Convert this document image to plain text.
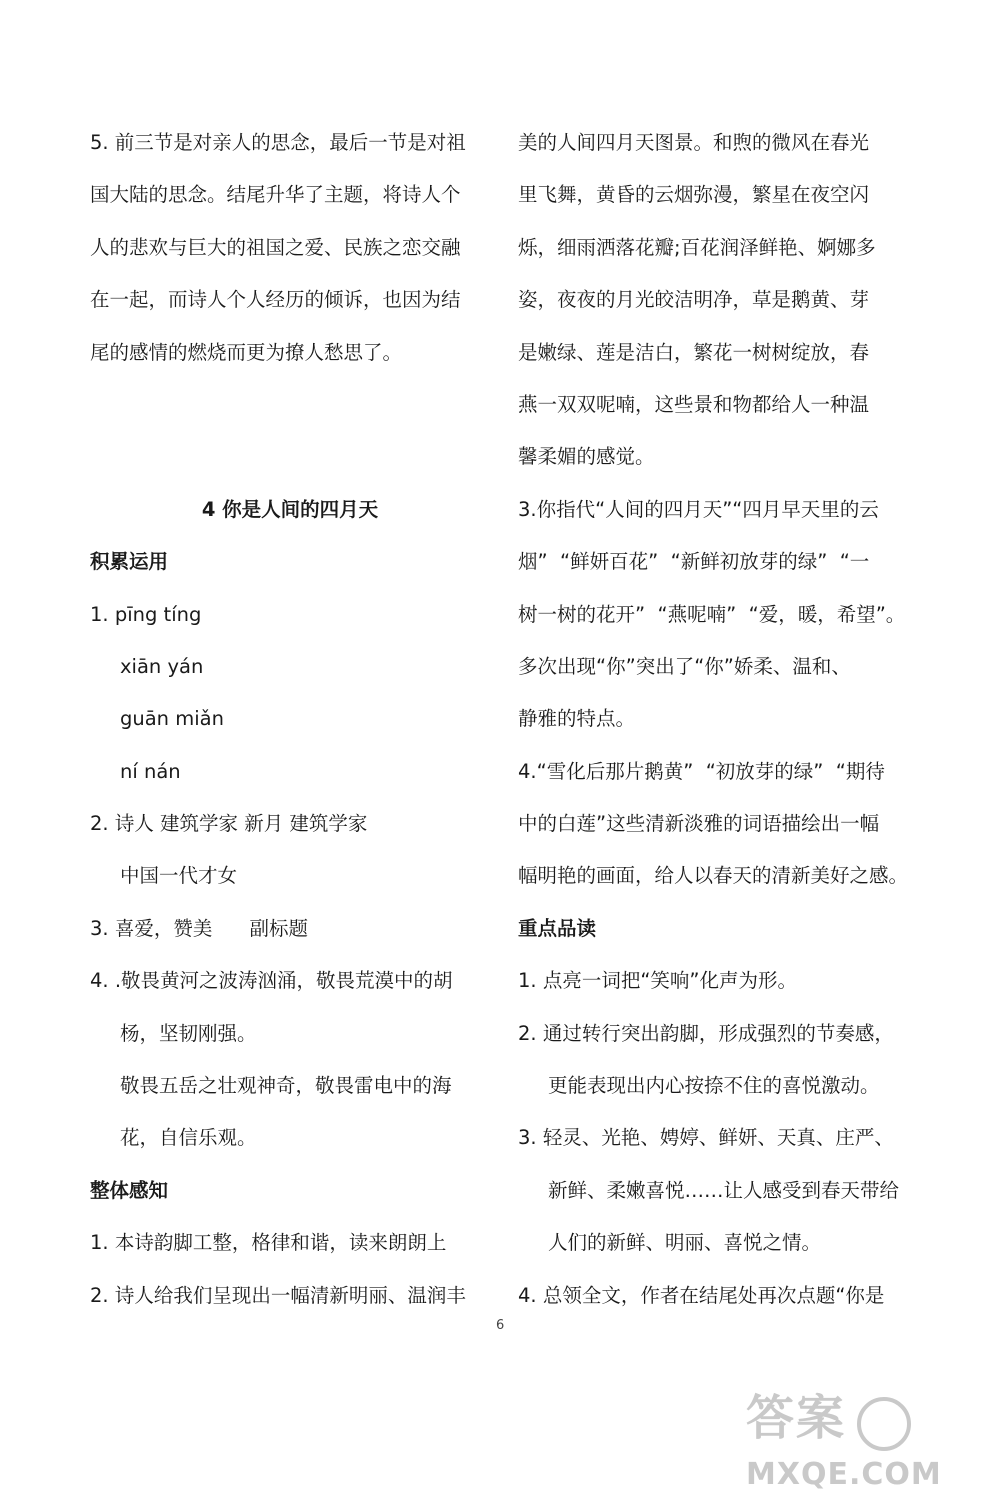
5. 前三节是对亲人的思念，最后一节是对祖
国大陆的思念。结尾升华了主题，将诗人个
人的悲欢与巨大的祖国之爱、民族之恋交融
在一起，而诗人个人经历的倾诉，也因为结
尾的感情的燃烧而更为撩人愁思了。
4 你是人间的四月天
积累运用
1. pīng tíng
xiān yán
guān miǎn
ní nán
2. 诗人 建筑学家 新月 建筑学家
中国一代才女
3. 喜爱，赞美      副标题
4. .敬畏黄河之波涛汹涌，敬畏荒漠中的胡
杨，坚韧刚强。
敬畏五岳之壮观神奇，敬畏雷电中的海
花，自信乐观。
整体感知
1. 本诗韵脚工整，格律和谐，读来朗朗上
2. 诗人给我们呈现出一幅清新明丽、温润丰
美的人间四月天图景。和煦的微风在春光
里飞舞，黄昏的云烟弥漫，繁星在夜空闪
烁，细雨洒落花瓣;百花润泽鲜艳、婀娜多
姿，夜夜的月光皎洁明净，草是鹅黄、芽
是嫩绿、莲是洁白，繁花一树树绽放，春
燕一双双呢喃，这些景和物都给人一种温
馨柔媚的感觉。
3.你指代“人间的四月天”“四月早天里的云
烟”  “鲜妍百花”  “新鲜初放芽的绿”  “一
树一树的花开”  “燕呢喃”  “爱，暖，希望”。
多次出现“你”突出了“你”娇柔、温和、
静雅的特点。
4.“雪化后那片鹅黄”  “初放芽的绿”  “期待
中的白莲”这些清新淡雅的词语描绘出一幅
幅明艳的画面，给人以春天的清新美好之感。
重点品读
1. 点亮一词把“笑响”化声为形。
2. 通过转行突出韵脚，形成强烈的节奏感，
更能表现出内心按捺不住的喜悦激动。
3. 轻灵、光艳、娉婷、鲜妍、天真、庄严、
新鲜、柔嫩喜悦……让人感受到春天带给
人们的新鲜、明丽、喜悦之情。
4. 总领全文，作者在结尾处再次点题“你是
6
答案
MXQE.COM
